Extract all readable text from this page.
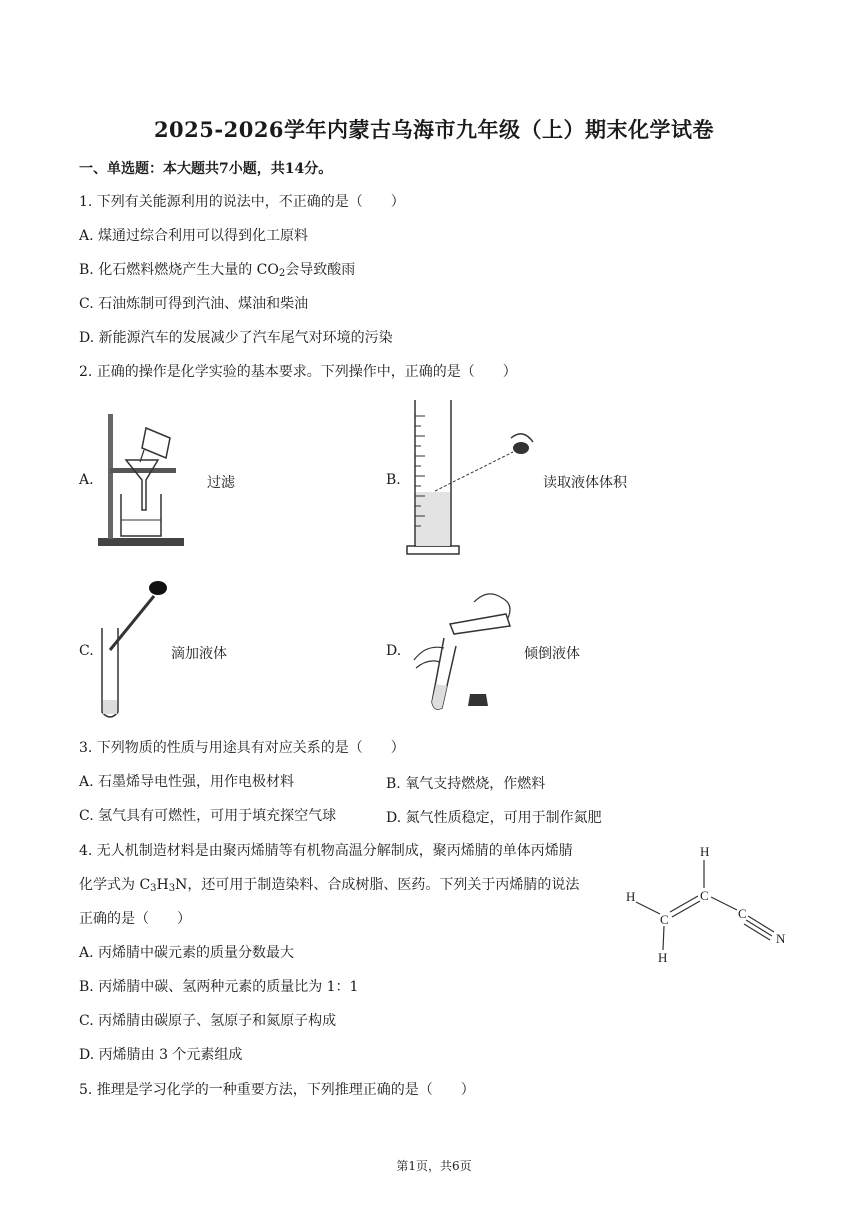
2025-2026学年内蒙古乌海市九年级（上）期末化学试卷
一、单选题：本大题共7小题，共14分。
1. 下列有关能源利用的说法中，不正确的是（　　）
A. 煤通过综合利用可以得到化工原料
B. 化石燃料燃烧产生大量的 $CO_2$会导致酸雨
C. 石油炼制可得到汽油、煤油和柴油
D. 新能源汽车的发展减少了汽车尾气对环境的污染
2. 正确的操作是化学实验的基本要求。下列操作中，正确的是（　　）
A.	过滤	B.	读取液体体积
C.	滴加液体	D.	倾倒液体
3. 下列物质的性质与用途具有对应关系的是（　　）
A. 石墨烯导电性强，用作电极材料	B. 氧气支持燃烧，作燃料
C. 氢气具有可燃性，可用于填充探空气球	D. 氮气性质稳定，可用于制作氮肥
4. 无人机制造材料是由聚丙烯腈等有机物高温分解制成，聚丙烯腈的单体丙烯腈
化学式为 $C_3H_3N$，还可用于制造染料、合成树脂、医药。下列关于丙烯腈的说法
正确的是（　　）
A. 丙烯腈中碳元素的质量分数最大
B. 丙烯腈中碳、氢两种元素的质量比为 1：1
C. 丙烯腈由碳原子、氢原子和氮原子构成
D. 丙烯腈由 3 个元素组成
H
C
H
C
H
C
N
5. 推理是学习化学的一种重要方法，下列推理正确的是（　　）
第1页，共6页
